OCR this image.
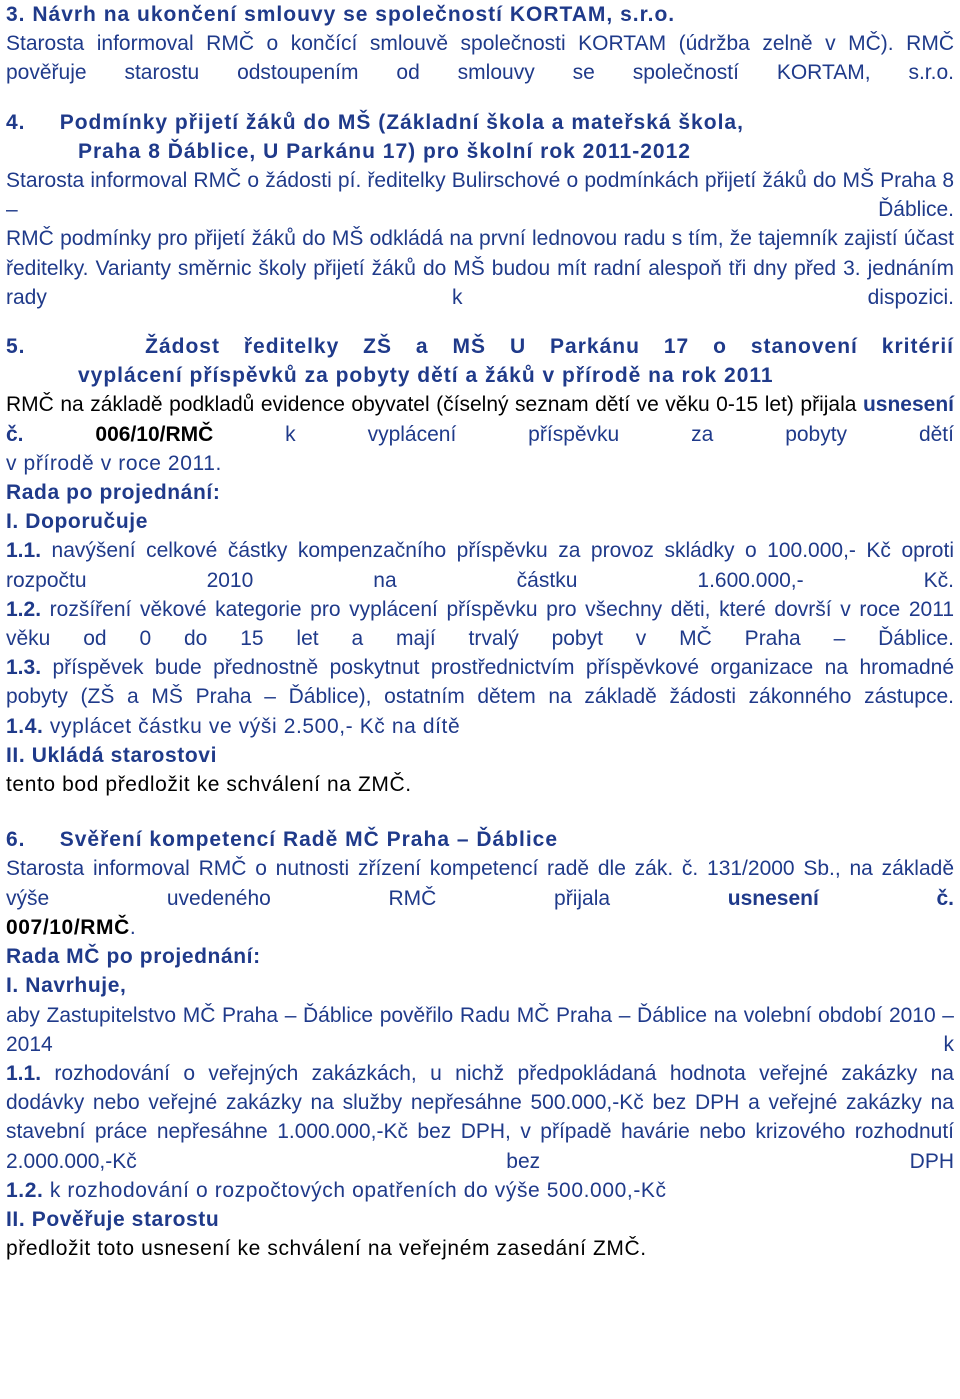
3. Návrh na ukončení smlouvy se společností KORTAM, s.r.o.
Starosta informoval RMČ o končící smlouvě společnosti KORTAM (údržba zelně v MČ). RMČ pověřuje starostu odstoupením od smlouvy se společností KORTAM, s.r.o.
4. Podmínky přijetí žáků do MŠ (Základní škola a mateřská škola,
Praha 8 Ďáblice, U Parkánu 17) pro školní rok 2011-2012
Starosta informoval RMČ o žádosti pí. ředitelky Bulirschové o podmínkách přijetí žáků do MŠ Praha 8 – Ďáblice.
RMČ podmínky pro přijetí žáků do MŠ odkládá na první lednovou radu s tím, že tajemník zajistí účast ředitelky. Varianty směrnic školy přijetí žáků do MŠ budou mít radní alespoň tři dny před 3. jednáním rady k dispozici.
5.	Žádost ředitelky ZŠ a MŠ U Parkánu 17 o stanovení kritérií
vyplácení příspěvků za pobyty dětí a žáků v přírodě na rok 2011
RMČ na základě podkladů evidence obyvatel (číselný seznam dětí ve věku 0-15 let) přijala usnesení č.	006/10/RMČ k vyplácení příspěvku za pobyty dětí
v přírodě v roce 2011.
Rada po projednání:
I. Doporučuje
1.1. navýšení celkové částky kompenzačního příspěvku za provoz skládky o 100.000,- Kč oproti rozpočtu 2010 na částku 1.600.000,- Kč.
1.2. rozšíření věkové kategorie pro vyplácení příspěvku pro všechny děti, které dovrší v roce 2011 věku od 0 do 15 let a mají trvalý pobyt v MČ Praha – Ďáblice.
1.3. příspěvek bude přednostně poskytnut prostřednictvím příspěvkové organizace na hromadné pobyty (ZŠ a MŠ Praha – Ďáblice), ostatním dětem na základě žádosti zákonného zástupce.
1.4. vyplácet částku ve výši 2.500,- Kč na dítě
II. Ukládá starostovi
tento bod předložit ke schválení na ZMČ.
6. Svěření kompetencí Radě MČ Praha – Ďáblice
Starosta informoval RMČ o nutnosti zřízení kompetencí radě dle zák. č. 131/2000 Sb., na základě výše uvedeného RMČ přijala usnesení č.
007/10/RMČ.
Rada MČ po projednání:
I. Navrhuje,
aby Zastupitelstvo MČ Praha – Ďáblice pověřilo Radu MČ Praha – Ďáblice na volební období 2010 – 2014 k
1.1. rozhodování o veřejných zakázkách, u nichž předpokládaná hodnota veřejné zakázky na dodávky nebo veřejné zakázky na služby nepřesáhne 500.000,-Kč bez DPH a veřejné zakázky na stavební práce nepřesáhne 1.000.000,-Kč bez DPH, v případě havárie nebo krizového rozhodnutí 2.000.000,-Kč bez DPH
1.2. k rozhodování o rozpočtových opatřeních do výše 500.000,-Kč
II. Pověřuje starostu
předložit toto usnesení ke schválení na veřejném zasedání ZMČ.
